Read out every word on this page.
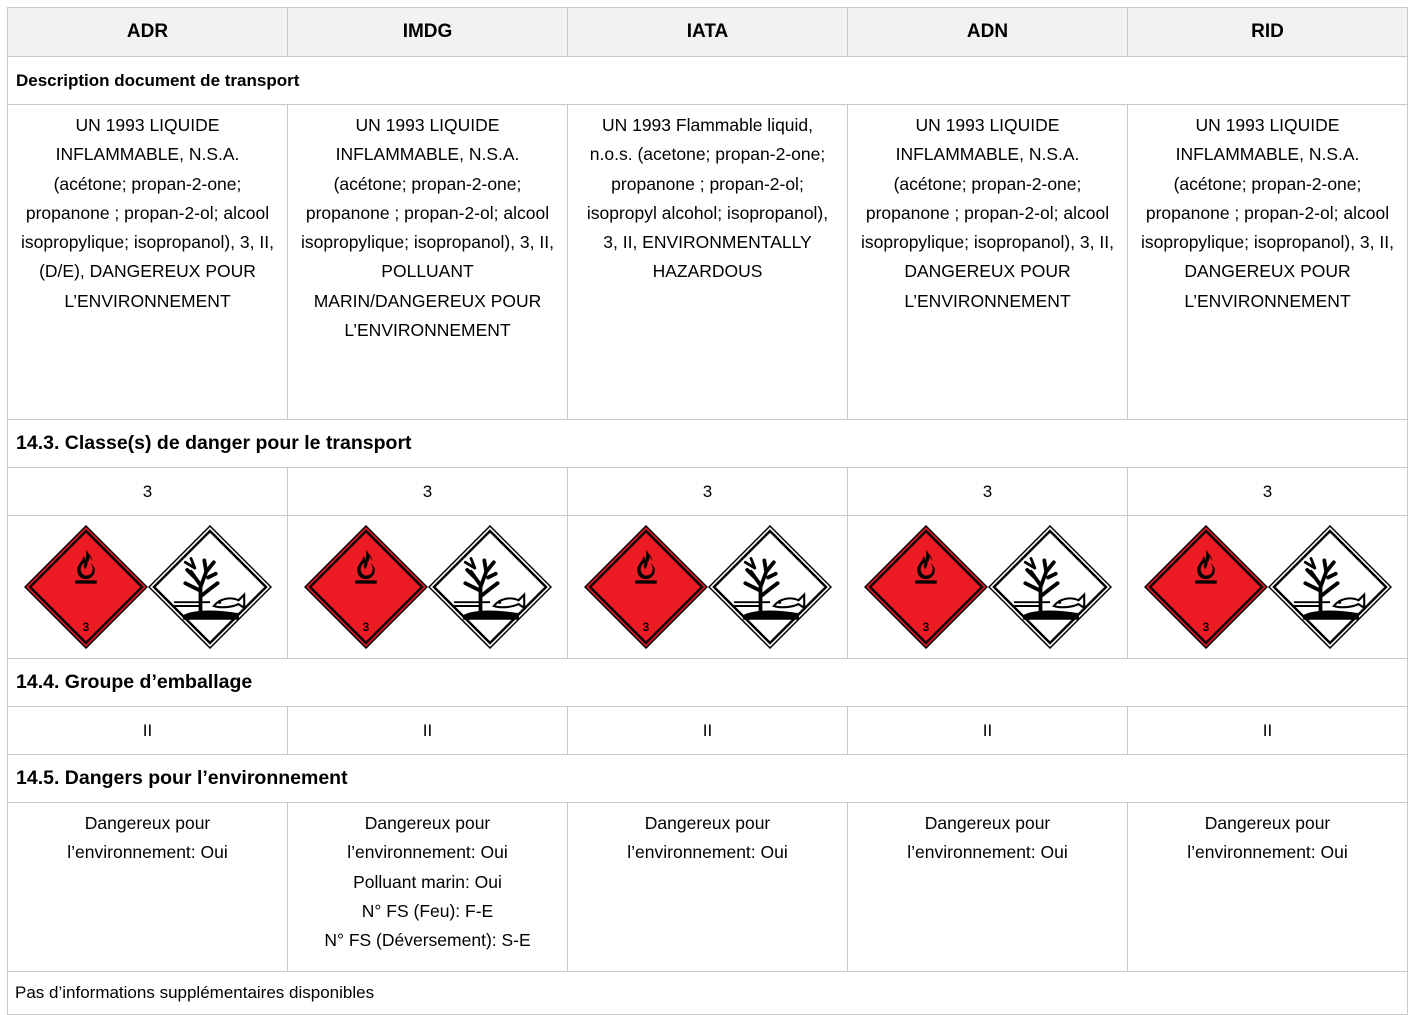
ADR	IMDG	IATA	ADN	RID
Description document de transport				
UN 1993 LIQUIDE INFLAMMABLE, N.S.A. (acétone; propan-2-one; propanone ; propan-2-ol; alcool isopropylique; isopropanol), 3, II, (D/E), DANGEREUX POUR L’ENVIRONNEMENT	UN 1993 LIQUIDE INFLAMMABLE, N.S.A. (acétone; propan-2-one; propanone ; propan-2-ol; alcool isopropylique; isopropanol), 3, II, POLLUANT MARIN/DANGEREUX POUR L’ENVIRONNEMENT	UN 1993 Flammable liquid, n.o.s. (acetone; propan-2-one; propanone ; propan-2-ol; isopropyl alcohol; isopropanol), 3, II, ENVIRONMENTALLY HAZARDOUS	UN 1993 LIQUIDE INFLAMMABLE, N.S.A. (acétone; propan-2-one; propanone ; propan-2-ol; alcool isopropylique; isopropanol), 3, II, DANGEREUX POUR L’ENVIRONNEMENT	UN 1993 LIQUIDE INFLAMMABLE, N.S.A. (acétone; propan-2-one; propanone ; propan-2-ol; alcool isopropylique; isopropanol), 3, II, DANGEREUX POUR L’ENVIRONNEMENT
14.3. Classe(s) de danger pour le transport				
3	3	3	3	3

3	3	3	3	3

14.4. Groupe d’emballage				
II	II	II	II	II
14.5. Dangers pour l’environnement				

Dangereux pour l’environnement: Oui	Dangereux pour l’environnement: Oui
Polluant marin: Oui
N° FS (Feu): F-E
N° FS (Déversement): S-E	Dangereux pour l’environnement: Oui	Dangereux pour l’environnement: Oui	Dangereux pour l’environnement: Oui

Pas d’informations supplémentaires disponibles				
